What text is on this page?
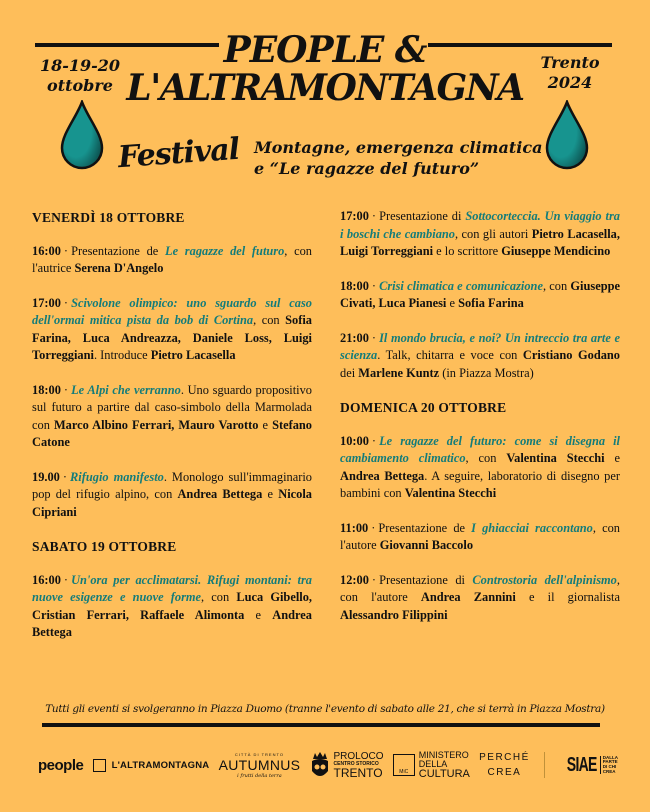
PEOPLE &
L'ALTRAMONTAGNA
18-19-20
ottobre
Trento
2024
Festival Montagne, emergenza climatica
e “Le ragazze del futuro”
VENERDÌ 18 OTTOBRE
16:00 · Presentazione de Le ragazze del futuro, con l'autrice Serena D'Angelo
17:00 · Scivolone olimpico: uno sguardo sul caso dell'ormai mitica pista da bob di Cortina, con Sofia Farina, Luca Andreazza, Daniele Loss, Luigi Torreggiani. Introduce Pietro Lacasella
18:00 · Le Alpi che verranno. Uno sguardo propositivo sul futuro a partire dal caso-simbolo della Marmolada con Marco Albino Ferrari, Mauro Varotto e Stefano Catone
19.00 · Rifugio manifesto. Monologo sull'immaginario pop del rifugio alpino, con Andrea Bettega e Nicola Cipriani
SABATO 19 OTTOBRE
16:00 · Un'ora per acclimatarsi. Rifugi montani: tra nuove esigenze e nuove forme, con Luca Gibello, Cristian Ferrari, Raffaele Alimonta e Andrea Bettega
17:00 · Presentazione di Sottocorteccia. Un viaggio tra i boschi che cambiano, con gli autori Pietro Lacasella, Luigi Torreggiani e lo scrittore Giuseppe Mendicino
18:00 · Crisi climatica e comunicazione, con Giuseppe Civati, Luca Pianesi e Sofia Farina
21:00 · Il mondo brucia, e noi? Un intreccio tra arte e scienza. Talk, chitarra e voce con Cristiano Godano dei Marlene Kuntz (in Piazza Mostra)
DOMENICA 20 OTTOBRE
10:00 · Le ragazze del futuro: come si disegna il cambiamento climatico, con Valentina Stecchi e Andrea Bettega. A seguire, laboratorio di disegno per bambini con Valentina Stecchi
11:00 · Presentazione de I ghiacciai raccontano, con l'autore Giovanni Baccolo
12:00 · Presentazione di Controstoria dell'alpinismo, con l'autore Andrea Zannini e il giornalista Alessandro Filippini
Tutti gli eventi si svolgeranno in Piazza Duomo (tranne l'evento di sabato alle 21, che si terrà in Piazza Mostra)
people	L'ALTRAMONTAGNA
CITTÀ DI TRENTO
AUTUMNUS
i frutti della terra
PROLOCO
CENTRO STORICO
TRENTO	MiC
MINISTERO
DELLA
CULTURA
PERCHÉ
CREA SIAE DALLA
PARTE
DI CHI
CREA
